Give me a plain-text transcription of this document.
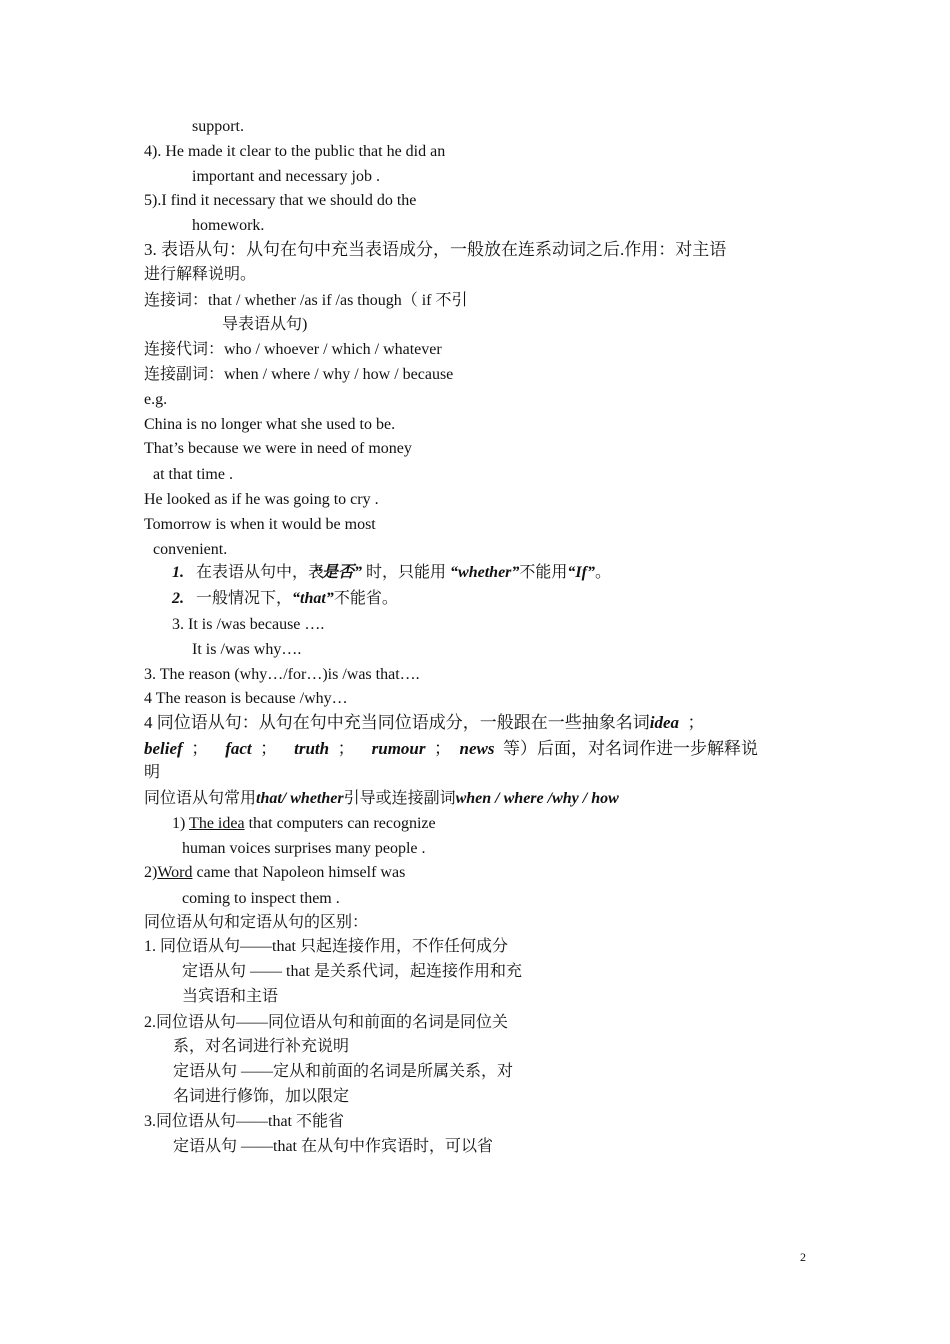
support.
4). He made it clear to the public that he did an
important and necessary job .
5).I find it necessary that we should do the
homework.
3. 表语从句：从句在句中充当表语成分，一般放在连系动词之后.作用：对主语
进行解释说明。
连接词：that / whether /as if /as though（ if 不引
导表语从句)
连接代词：who / whoever / which / whatever
连接副词：when / where / why / how / because
e.g.
China is no longer what she used to be.
That’s because we were in need of money
at that time .
He looked as if he was going to cry .
Tomorrow is when it would be most
convenient.
1. 在表语从句中，表“是否” 时，只能用 “whether”不能用“If”。
2. 一般情况下，“that”不能省。
3. It is /was because ….
It is /was why….
3. The reason (why…/for…)is /was that….
4 The reason is because /why…
4 同位语从句：从句在句中充当同位语成分，一般跟在一些抽象名词idea ；
belief ； fact ； truth ； rumour ； news 等）后面，对名词作进一步解释说
明
同位语从句常用that/ whether引导或连接副词when / where /why / how
1) The idea that computers can recognize
human voices surprises many people .
2)Word came that Napoleon himself was
coming to inspect them .
同位语从句和定语从句的区别：
1. 同位语从句——that 只起连接作用，不作任何成分
定语从句 —— that 是关系代词，起连接作用和充
当宾语和主语
2.同位语从句——同位语从句和前面的名词是同位关
系，对名词进行补充说明
定语从句 ——定从和前面的名词是所属关系，对
名词进行修饰，加以限定
3.同位语从句——that 不能省
定语从句 ——that 在从句中作宾语时，可以省
2
